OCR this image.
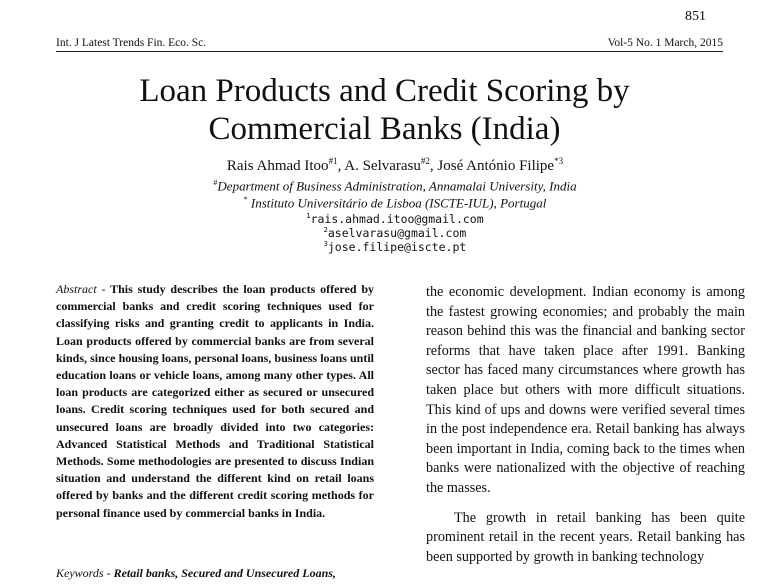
851
Int. J Latest Trends Fin. Eco. Sc.	Vol-5 No. 1 March, 2015
Loan Products and Credit Scoring by
Commercial Banks (India)
Rais Ahmad Itoo$^{\#1}$, A. Selvarasu$^{\#2}$, José António Filipe$^{*3}$
#Department of Business Administration, Annamalai University, India
* Instituto Universitário de Lisboa (ISCTE-IUL), Portugal
$^1$rais.ahmad.itoo@gmail.com
$^2$aselvarasu@gmail.com
$^3$jose.filipe@iscte.pt
Abstract - This study describes the loan products offered by commercial banks and credit scoring techniques used for classifying risks and granting credit to applicants in India. Loan products offered by commercial banks are from several kinds, since housing loans, personal loans, business loans until education loans or vehicle loans, among many other types. All loan products are categorized either as secured or unsecured loans. Credit scoring techniques used for both secured and unsecured loans are broadly divided into two categories: Advanced Statistical Methods and Traditional Statistical Methods. Some methodologies are presented to discuss Indian situation and understand the different kind on retail loans offered by banks and the different credit scoring methods for personal finance used by commercial banks in India.
Keywords - Retail banks, Secured and Unsecured Loans,

the economic development. Indian economy is among the fastest growing economies; and probably the main reason behind this was the financial and banking sector reforms that have taken place after 1991. Banking sector has faced many circumstances where growth has taken place but others with more difficult situations. This kind of ups and downs were verified several times in the post independence era. Retail banking has always been important in India, coming back to the times when banks were nationalized with the objective of reaching the masses.

The growth in retail banking has been quite prominent retail in the recent years. Retail banking has been supported by growth in banking technology
